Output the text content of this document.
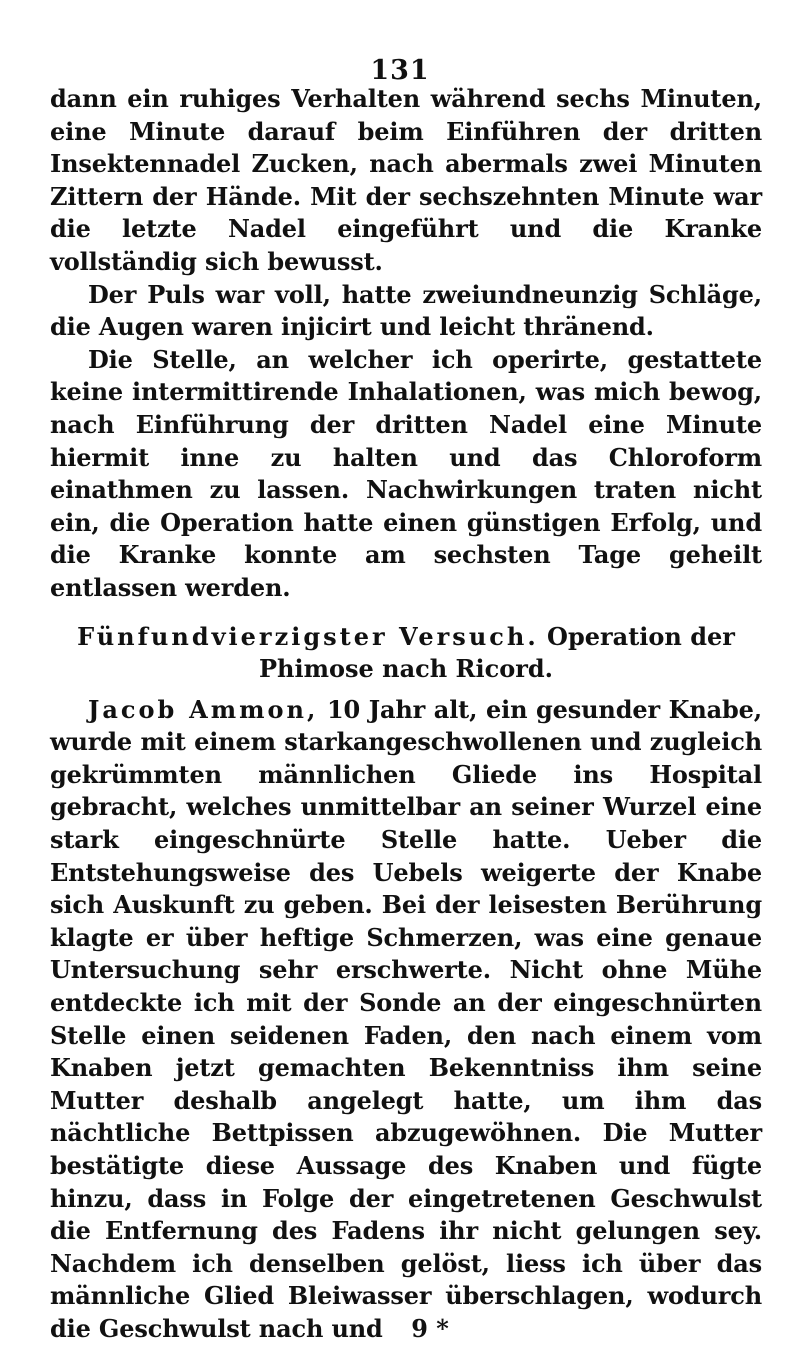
131

dann ein ruhiges Verhalten während sechs Minuten, eine Minute darauf beim Einführen der dritten Insektennadel Zucken, nach abermals zwei Minuten Zittern der Hände. Mit der sechszehnten Minute war die letzte Nadel eingeführt und die Kranke vollständig sich bewusst.

Der Puls war voll, hatte zweiundneunzig Schläge, die Augen waren injicirt und leicht thränend.

Die Stelle, an welcher ich operirte, gestattete keine intermittirende Inhalationen, was mich bewog, nach Einführung der dritten Nadel eine Minute hiermit inne zu halten und das Chloroform einathmen zu lassen. Nachwirkungen traten nicht ein, die Operation hatte einen günstigen Erfolg, und die Kranke konnte am sechsten Tage geheilt entlassen werden.

Fünfundvierzigster Versuch. Operation der
Phimose nach Ricord.

Jacob Ammon, 10 Jahr alt, ein gesunder Knabe, wurde mit einem starkangeschwollenen und zugleich gekrümmten männlichen Gliede ins Hospital gebracht, welches unmittelbar an seiner Wurzel eine stark eingeschnürte Stelle hatte. Ueber die Entstehungsweise des Uebels weigerte der Knabe sich Auskunft zu geben. Bei der leisesten Berührung klagte er über heftige Schmerzen, was eine genaue Untersuchung sehr erschwerte. Nicht ohne Mühe entdeckte ich mit der Sonde an der eingeschnürten Stelle einen seidenen Faden, den nach einem vom Knaben jetzt gemachten Bekenntniss ihm seine Mutter deshalb angelegt hatte, um ihm das nächtliche Bettpissen abzugewöhnen. Die Mutter bestätigte diese Aussage des Knaben und fügte hinzu, dass in Folge der eingetretenen Geschwulst die Entfernung des Fadens ihr nicht gelungen sey. Nachdem ich denselben gelöst, liess ich über das männliche Glied Bleiwasser überschlagen, wodurch die Geschwulst nach und	9 *
